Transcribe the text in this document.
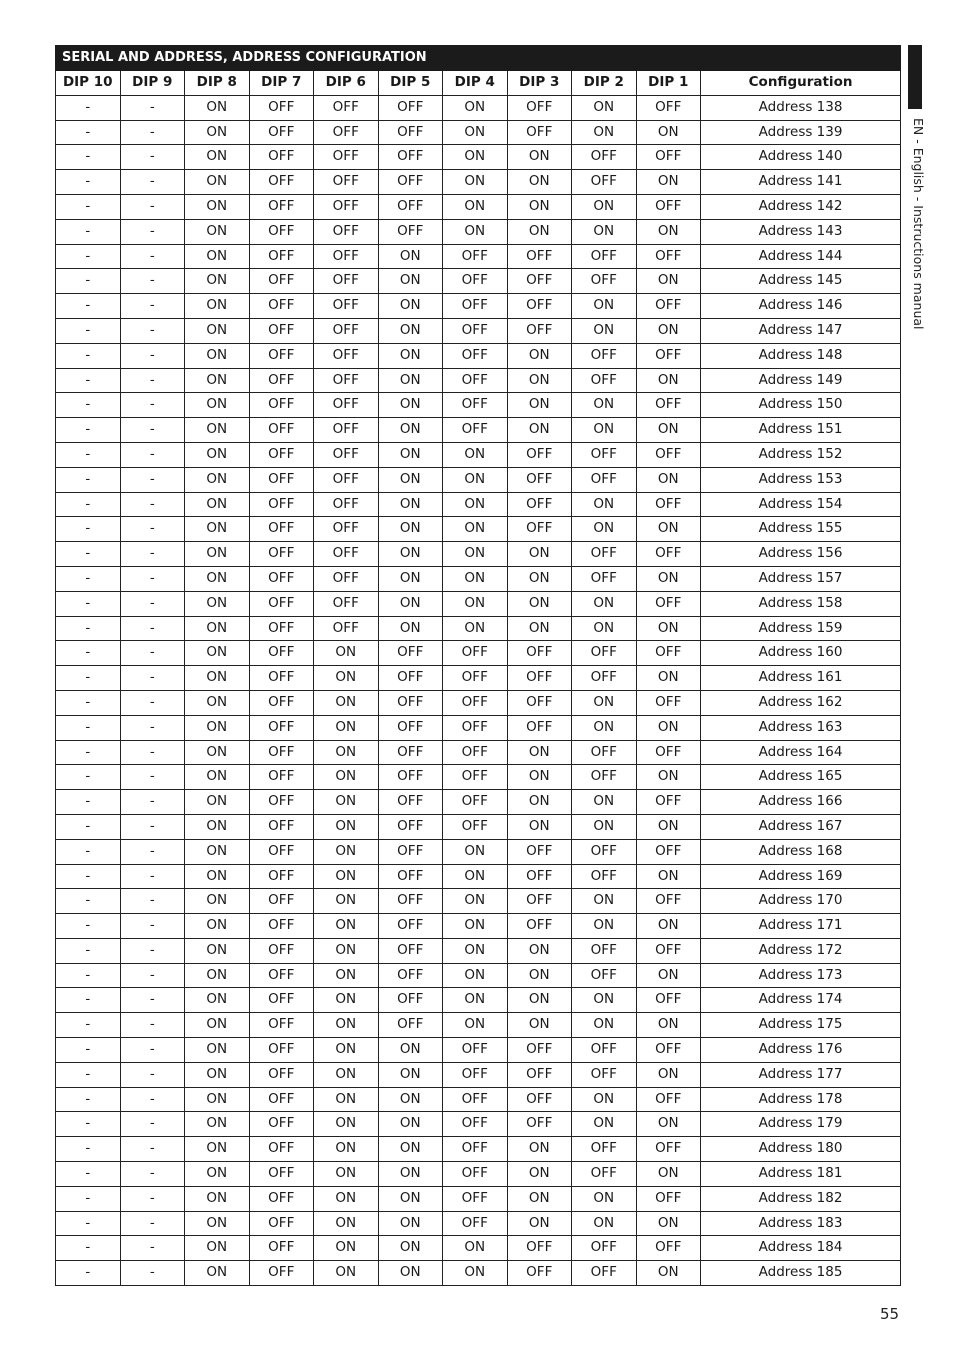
SERIAL AND ADDRESS, ADDRESS CONFIGURATION										
DIP 10	DIP 9	DIP 8	DIP 7	DIP 6	DIP 5	DIP 4	DIP 3	DIP 2	DIP 1	Configuration
-	-	ON	OFF	OFF	OFF	ON	OFF	ON	OFF	Address 138
-	-	ON	OFF	OFF	OFF	ON	OFF	ON	ON	Address 139
-	-	ON	OFF	OFF	OFF	ON	ON	OFF	OFF	Address 140
-	-	ON	OFF	OFF	OFF	ON	ON	OFF	ON	Address 141
-	-	ON	OFF	OFF	OFF	ON	ON	ON	OFF	Address 142
-	-	ON	OFF	OFF	OFF	ON	ON	ON	ON	Address 143
-	-	ON	OFF	OFF	ON	OFF	OFF	OFF	OFF	Address 144
-	-	ON	OFF	OFF	ON	OFF	OFF	OFF	ON	Address 145
-	-	ON	OFF	OFF	ON	OFF	OFF	ON	OFF	Address 146
-	-	ON	OFF	OFF	ON	OFF	OFF	ON	ON	Address 147
-	-	ON	OFF	OFF	ON	OFF	ON	OFF	OFF	Address 148
-	-	ON	OFF	OFF	ON	OFF	ON	OFF	ON	Address 149
-	-	ON	OFF	OFF	ON	OFF	ON	ON	OFF	Address 150
-	-	ON	OFF	OFF	ON	OFF	ON	ON	ON	Address 151
-	-	ON	OFF	OFF	ON	ON	OFF	OFF	OFF	Address 152
-	-	ON	OFF	OFF	ON	ON	OFF	OFF	ON	Address 153
-	-	ON	OFF	OFF	ON	ON	OFF	ON	OFF	Address 154
-	-	ON	OFF	OFF	ON	ON	OFF	ON	ON	Address 155
-	-	ON	OFF	OFF	ON	ON	ON	OFF	OFF	Address 156
-	-	ON	OFF	OFF	ON	ON	ON	OFF	ON	Address 157
-	-	ON	OFF	OFF	ON	ON	ON	ON	OFF	Address 158
-	-	ON	OFF	OFF	ON	ON	ON	ON	ON	Address 159
-	-	ON	OFF	ON	OFF	OFF	OFF	OFF	OFF	Address 160
-	-	ON	OFF	ON	OFF	OFF	OFF	OFF	ON	Address 161
-	-	ON	OFF	ON	OFF	OFF	OFF	ON	OFF	Address 162
-	-	ON	OFF	ON	OFF	OFF	OFF	ON	ON	Address 163
-	-	ON	OFF	ON	OFF	OFF	ON	OFF	OFF	Address 164
-	-	ON	OFF	ON	OFF	OFF	ON	OFF	ON	Address 165
-	-	ON	OFF	ON	OFF	OFF	ON	ON	OFF	Address 166
-	-	ON	OFF	ON	OFF	OFF	ON	ON	ON	Address 167
-	-	ON	OFF	ON	OFF	ON	OFF	OFF	OFF	Address 168
-	-	ON	OFF	ON	OFF	ON	OFF	OFF	ON	Address 169
-	-	ON	OFF	ON	OFF	ON	OFF	ON	OFF	Address 170
-	-	ON	OFF	ON	OFF	ON	OFF	ON	ON	Address 171
-	-	ON	OFF	ON	OFF	ON	ON	OFF	OFF	Address 172
-	-	ON	OFF	ON	OFF	ON	ON	OFF	ON	Address 173
-	-	ON	OFF	ON	OFF	ON	ON	ON	OFF	Address 174
-	-	ON	OFF	ON	OFF	ON	ON	ON	ON	Address 175
-	-	ON	OFF	ON	ON	OFF	OFF	OFF	OFF	Address 176
-	-	ON	OFF	ON	ON	OFF	OFF	OFF	ON	Address 177
-	-	ON	OFF	ON	ON	OFF	OFF	ON	OFF	Address 178
-	-	ON	OFF	ON	ON	OFF	OFF	ON	ON	Address 179
-	-	ON	OFF	ON	ON	OFF	ON	OFF	OFF	Address 180
-	-	ON	OFF	ON	ON	OFF	ON	OFF	ON	Address 181
-	-	ON	OFF	ON	ON	OFF	ON	ON	OFF	Address 182
-	-	ON	OFF	ON	ON	OFF	ON	ON	ON	Address 183
-	-	ON	OFF	ON	ON	ON	OFF	OFF	OFF	Address 184
-	-	ON	OFF	ON	ON	ON	OFF	OFF	ON	Address 185
EN - English - Instructions manual
55
